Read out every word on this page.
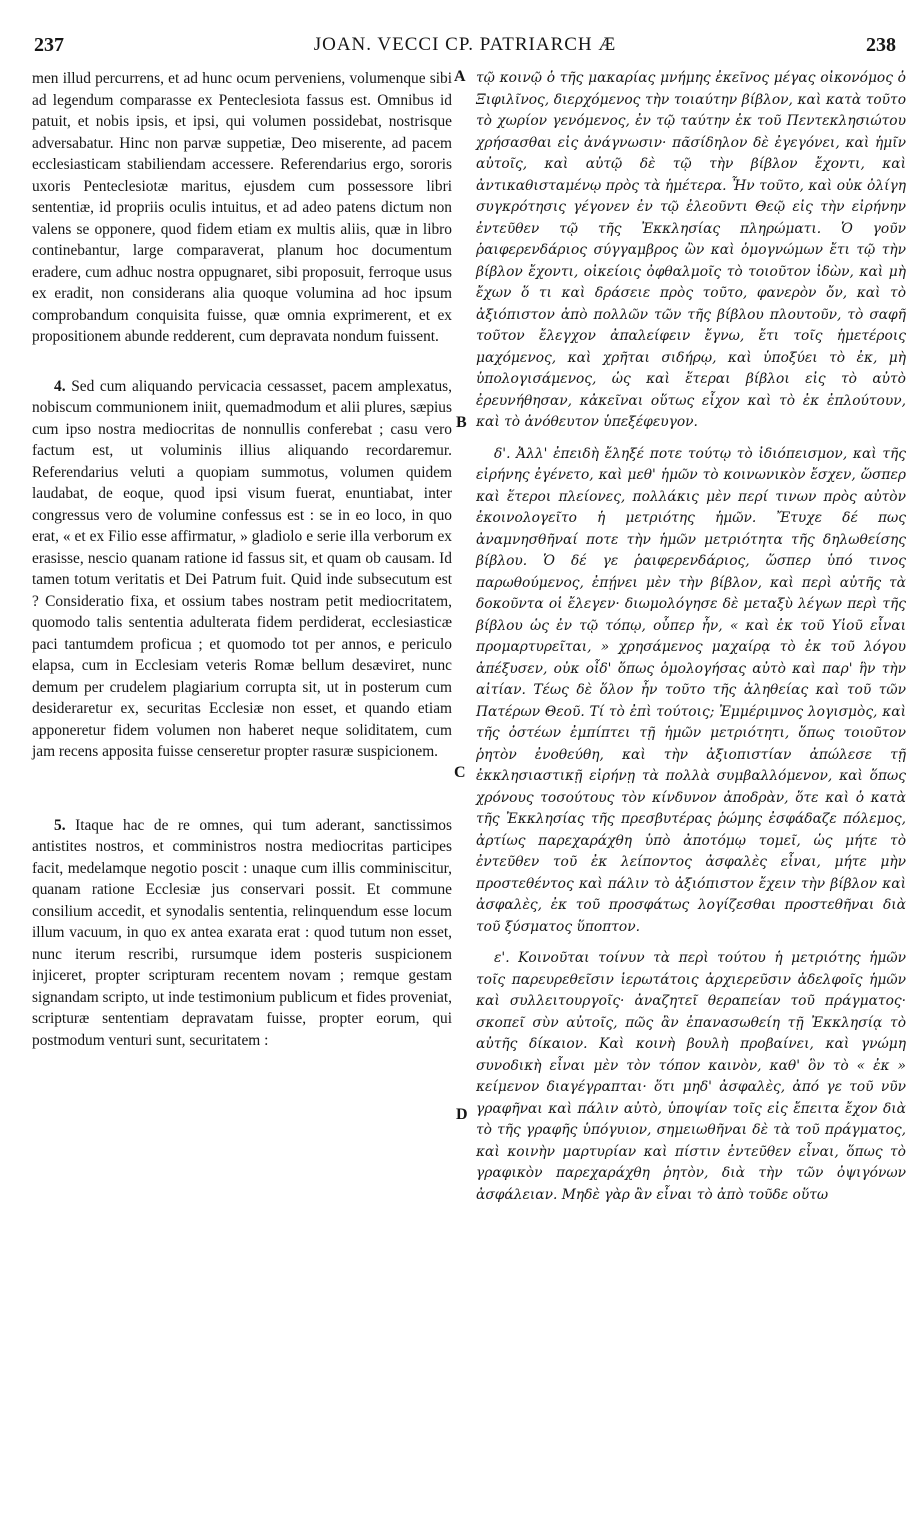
237	JOAN. VECCI CP. PATRIARCH Æ	238

men illud percurrens, et ad hunc ocum perveniens, volumenque sibi ad legendum comparasse ex Penteclesiota fassus est. Omnibus id patuit, et nobis ipsis, et ipsi, qui volumen possidebat, nostrisque adversabatur. Hinc non parvæ suppetiæ, Deo miserente, ad pacem ecclesiasticam stabiliendam accessere. Referendarius ergo, sororis uxoris Penteclesiotæ maritus, ejusdem cum possessore libri sententiæ, id propriis oculis intuitus, et ad adeo patens dictum non valens se opponere, quod fidem etiam ex multis aliis, quæ in libro continebantur, large comparaverat, planum hoc documentum eradere, cum adhuc nostra oppugnaret, sibi proposuit, ferroque usus ex eradit, non considerans alia quoque volumina ad hoc ipsum comprobandum conquisita fuisse, quæ omnia exprimerent, et ex propositionem abunde redderent, cum depravata nondum fuissent.

4. Sed cum aliquando pervicacia cessasset, pacem amplexatus, nobiscum communionem iniit, quemadmodum et alii plures, sæpius cum ipso nostra mediocritas de nonnullis conferebat ; casu vero factum est, ut voluminis illius aliquando recordaremur. Referendarius veluti a quopiam summotus, volumen quidem laudabat, de eoque, quod ipsi visum fuerat, enuntiabat, inter congressus vero de volumine confessus est : se in eo loco, in quo erat, « et ex Filio esse affirmatur, » gladiolo e serie illa verborum ex erasisse, nescio quanam ratione id fassus sit, et quam ob causam. Id tamen totum veritatis et Dei Patrum fuit. Quid inde subsecutum est ? Consideratio fixa, et ossium tabes nostram petit mediocritatem, quomodo talis sententia adulterata fidem perdiderat, ecclesiasticæ paci tantumdem proficua ; et quomodo tot per annos, e periculo elapsa, cum in Ecclesiam veteris Romæ bellum desæviret, nunc demum per crudelem plagiarium corrupta sit, ut in posterum cum desideraretur ex, securitas Ecclesiæ non esset, et quando etiam apponeretur fidem volumen non haberet neque soliditatem, cum jam recens apposita fuisse censeretur propter rasuræ suspicionem.

5. Itaque hac de re omnes, qui tum aderant, sanctissimos antistites nostros, et comministros nostra mediocritas participes facit, medelamque negotio poscit : unaque cum illis comminiscitur, quanam ratione Ecclesiæ jus conservari possit. Et commune consilium accedit, et synodalis sententia, relinquendum esse locum illum vacuum, in quo ex antea exarata erat : quod tutum non esset, nunc iterum rescribi, rursumque idem posteris suspicionem injiceret, propter scripturam recentem novam ; remque gestam signandam scripto, ut inde testimonium publicum et fides proveniat, scripturæ sententiam depravatam fuisse, propter eorum, qui postmodum venturi sunt, securitatem :

A
B
C
D

τῷ κοινῷ ὁ τῆς μακαρίας μνήμης ἐκεῖνος μέγας οἰκονόμος ὁ Ξιφιλῖνος, διερχόμενος τὴν τοιαύτην βίβλον, καὶ κατὰ τοῦτο τὸ χωρίον γενόμενος, ἐν τῷ ταύτην ἐκ τοῦ Πεντεκλησιώτου χρήσασθαι εἰς ἀνάγνωσιν· πᾶσίδηλον δὲ ἐγεγόνει, καὶ ἡμῖν αὐτοῖς, καὶ αὐτῷ δὲ τῷ τὴν βίβλον ἔχοντι, καὶ ἀντικαθισταμένῳ πρὸς τὰ ἡμέτερα. Ἦν τοῦτο, καὶ οὐκ ὀλίγη συγκρότησις γέγονεν ἐν τῷ ἐλεοῦντι Θεῷ εἰς τὴν εἰρήνην ἐντεῦθεν τῷ τῆς Ἐκκλησίας πληρώματι. Ὁ γοῦν ῥαιφερενδάριος σύγγαμβρος ὢν καὶ ὁμογνώμων ἔτι τῷ τὴν βίβλον ἔχοντι, οἰκείοις ὀφθαλμοῖς τὸ τοιοῦτον ἰδὼν, καὶ μὴ ἔχων ὅ τι καὶ δράσειε πρὸς τοῦτο, φανερὸν ὄν, καὶ τὸ ἀξιόπιστον ἀπὸ πολλῶν τῶν τῆς βίβλου πλουτοῦν, τὸ σαφῆ τοῦτον ἔλεγχον ἀπαλείφειν ἔγνω, ἔτι τοῖς ἡμετέροις μαχόμενος, καὶ χρῆται σιδήρῳ, καὶ ὑποξύει τὸ ἐκ, μὴ ὑπολογισάμενος, ὡς καὶ ἕτεραι βίβλοι εἰς τὸ αὐτὸ ἐρευνήθησαν, κἀκεῖναι οὕτως εἶχον καὶ τὸ ἐκ ἐπλούτουν, καὶ τὸ ἀνόθευτον ὑπεξέφευγον.

δ'. Ἀλλ' ἐπειδὴ ἔληξέ ποτε τούτῳ τὸ ἰδιόπεισμον, καὶ τῆς εἰρήνης ἐγένετο, καὶ μεθ' ἡμῶν τὸ κοινωνικὸν ἔσχεν, ὥσπερ καὶ ἕτεροι πλείονες, πολλάκις μὲν περί τινων πρὸς αὐτὸν ἐκοινολογεῖτο ἡ μετριότης ἡμῶν. Ἔτυχε δέ πως ἀναμνησθῆναί ποτε τὴν ἡμῶν μετριότητα τῆς δηλωθείσης βίβλου. Ὁ δέ γε ῥαιφερενδάριος, ὥσπερ ὑπό τινος παρωθούμενος, ἐπῄνει μὲν τὴν βίβλον, καὶ περὶ αὐτῆς τὰ δοκοῦντα οἱ ἔλεγεν· διωμολόγησε δὲ μεταξὺ λέγων περὶ τῆς βίβλου ὡς ἐν τῷ τόπῳ, οὗπερ ἦν, « καὶ ἐκ τοῦ Υἱοῦ εἶναι προμαρτυρεῖται, » χρησάμενος μαχαίρᾳ τὸ ἐκ τοῦ λόγου ἀπέξυσεν, οὐκ οἶδ' ὅπως ὁμολογήσας αὐτὸ καὶ παρ' ἣν τὴν αἰτίαν. Τέως δὲ ὅλον ἦν τοῦτο τῆς ἀληθείας καὶ τοῦ τῶν Πατέρων Θεοῦ. Τί τὸ ἐπὶ τούτοις; Ἐμμέριμνος λογισμὸς, καὶ τῆς ὀστέων ἐμπίπτει τῇ ἡμῶν μετριότητι, ὅπως τοιοῦτον ῥητὸν ἐνοθεύθη, καὶ τὴν ἀξιοπιστίαν ἀπώλεσε τῇ ἐκκλησιαστικῇ εἰρήνῃ τὰ πολλὰ συμβαλλόμενον, καὶ ὅπως χρόνους τοσούτους τὸν κίνδυνον ἀποδρὰν, ὅτε καὶ ὁ κατὰ τῆς Ἐκκλησίας τῆς πρεσβυτέρας ῥώμης ἐσφάδαζε πόλεμος, ἀρτίως παρεχαράχθη ὑπὸ ἀποτόμῳ τομεῖ, ὡς μήτε τὸ ἐντεῦθεν τοῦ ἐκ λείποντος ἀσφαλὲς εἶναι, μήτε μὴν προστεθέντος καὶ πάλιν τὸ ἀξιόπιστον ἔχειν τὴν βίβλον καὶ ἀσφαλὲς, ἐκ τοῦ προσφάτως λογίζεσθαι προστεθῆναι διὰ τοῦ ξύσματος ὕποπτον.

ε'. Κοινοῦται τοίνυν τὰ περὶ τούτου ἡ μετριότης ἡμῶν τοῖς παρευρεθεῖσιν ἱερωτάτοις ἀρχιερεῦσιν ἀδελφοῖς ἡμῶν καὶ συλλειτουργοῖς· ἀναζητεῖ θεραπείαν τοῦ πράγματος· σκοπεῖ σὺν αὐτοῖς, πῶς ἂν ἐπανασωθείη τῇ Ἐκκλησίᾳ τὸ αὐτῆς δίκαιον. Καὶ κοινὴ βουλὴ προβαίνει, καὶ γνώμη συνοδικὴ εἶναι μὲν τὸν τόπον καινὸν, καθ' ὃν τὸ « ἐκ » κείμενον διαγέγραπται· ὅτι μηδ' ἀσφαλὲς, ἀπό γε τοῦ νῦν γραφῆναι καὶ πάλιν αὐτὸ, ὑποψίαν τοῖς εἰς ἔπειτα ἔχον διὰ τὸ τῆς γραφῆς ὑπόγυιον, σημειωθῆναι δὲ τὰ τοῦ πράγματος, καὶ κοινὴν μαρτυρίαν καὶ πίστιν ἐντεῦθεν εἶναι, ὅπως τὸ γραφικὸν παρεχαράχθη ῥητὸν, διὰ τὴν τῶν ὀψιγόνων ἀσφάλειαν. Μηδὲ γὰρ ἂν εἶναι τὸ ἀπὸ τοῦδε οὕτω
